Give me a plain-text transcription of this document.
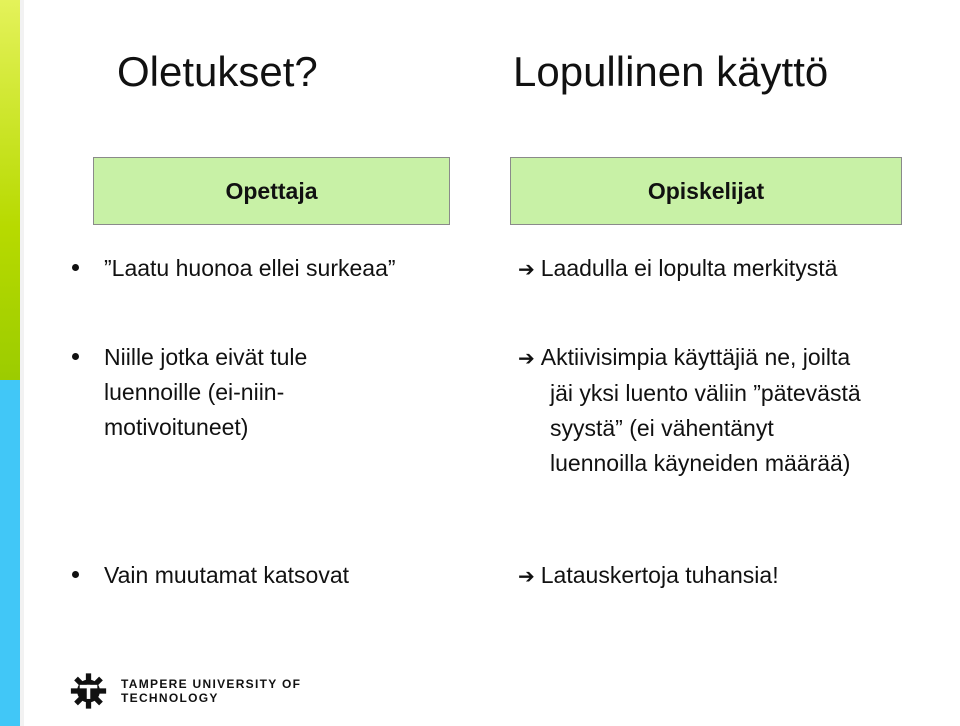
Oletukset?	Lopullinen käyttö
Opettaja	Opiskelijat
”Laatu huonoa ellei surkeaa”
Niille jotka eivät tule
luennoille (ei-niin-
motivoituneet)
Vain muutamat katsovat
➔ Laadulla ei lopulta merkitystä
➔ Aktiivisimpia käyttäjiä ne, joilta
jäi yksi luento väliin ”pätevästä
syystä” (ei vähentänyt
luennoilla käyneiden määrää)
➔ Latauskertoja tuhansia!
TAMPERE UNIVERSITY OF TECHNOLOGY
